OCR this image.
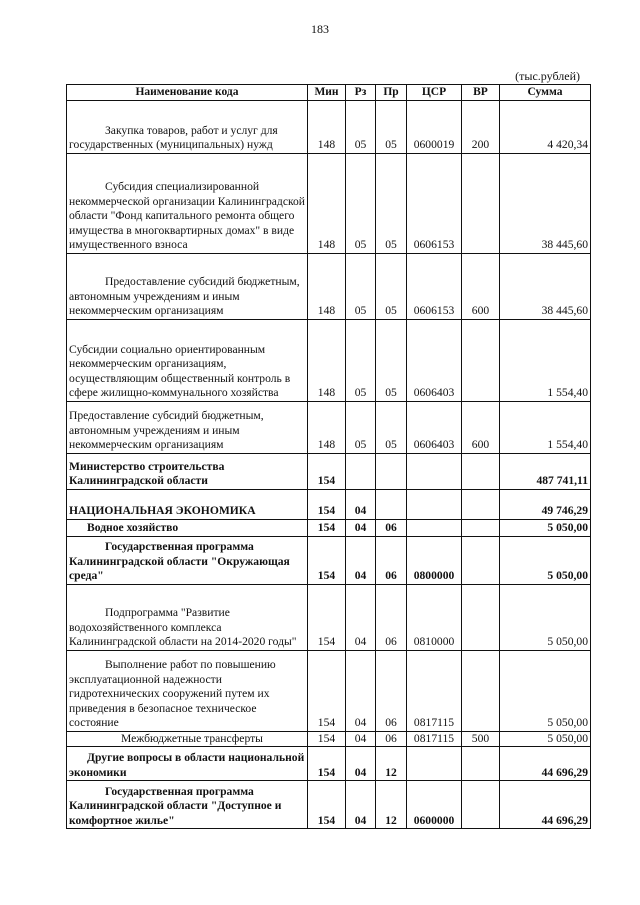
183
(тыс.рублей)
Наименование кода	Мин	Рз	Пр	ЦСР	ВР	Сумма
Закупка товаров, работ и услуг для государственных (муниципальных) нужд	148	05	05	0600019	200	4 420,34
Субсидия специализированной некоммерческой организации Калининградской области "Фонд капитального ремонта общего имущества в многоквартирных домах" в виде имущественного взноса	148	05	05	0606153		38 445,60
Предоставление субсидий бюджетным, автономным учреждениям и иным некоммерческим организациям	148	05	05	0606153	600	38 445,60
Субсидии социально ориентированным некоммерческим организациям, осуществляющим общественный контроль в сфере жилищно-коммунального хозяйства	148	05	05	0606403		1 554,40
Предоставление субсидий бюджетным, автономным учреждениям и иным некоммерческим организациям	148	05	05	0606403	600	1 554,40
Министерство строительства Калининградской области	154					487 741,11
НАЦИОНАЛЬНАЯ ЭКОНОМИКА	154	04				49 746,29
Водное хозяйство	154	04	06			5 050,00
Государственная программа Калининградской области "Окружающая среда"	154	04	06	0800000		5 050,00
Подпрограмма "Развитие водохозяйственного комплекса Калининградской области на 2014-2020 годы"	154	04	06	0810000		5 050,00
Выполнение работ по повышению эксплуатационной надежности гидротехнических сооружений путем их приведения в безопасное техническое состояние	154	04	06	0817115		5 050,00
Межбюджетные трансферты	154	04	06	0817115	500	5 050,00
Другие вопросы в области национальной экономики	154	04	12			44 696,29
Государственная программа Калининградской области "Доступное и комфортное жилье"	154	04	12	0600000		44 696,29
